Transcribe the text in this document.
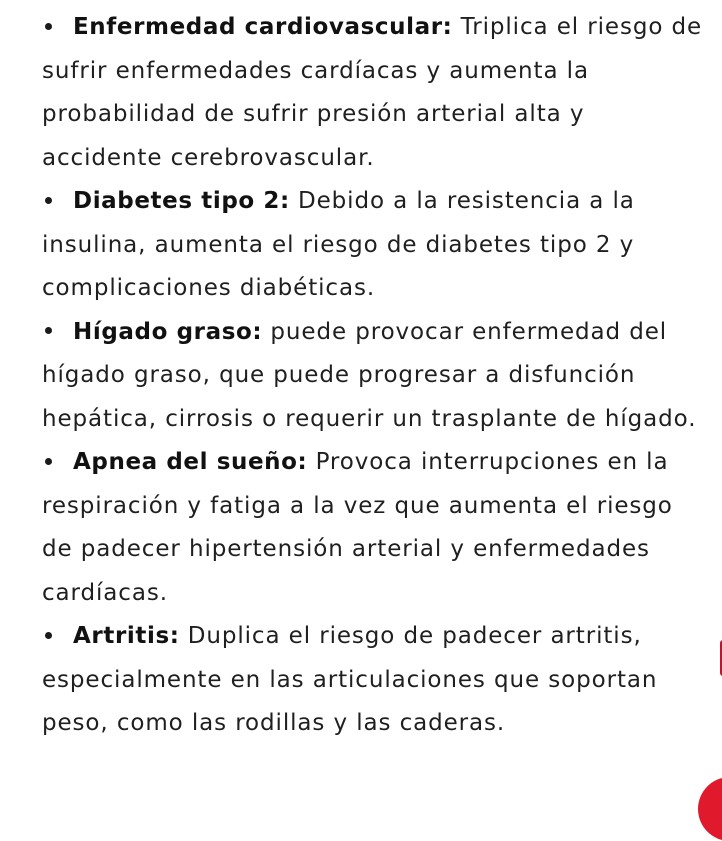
Enfermedad cardiovascular: Triplica el riesgo de sufrir enfermedades cardíacas y aumenta la probabilidad de sufrir presión arterial alta y accidente cerebrovascular.
Diabetes tipo 2: Debido a la resistencia a la insulina, aumenta el riesgo de diabetes tipo 2 y complicaciones diabéticas.
Hígado graso: puede provocar enfermedad del hígado graso, que puede progresar a disfunción hepática, cirrosis o requerir un trasplante de hígado.
Apnea del sueño: Provoca interrupciones en la respiración y fatiga a la vez que aumenta el riesgo de padecer hipertensión arterial y enfermedades cardíacas.
Artritis: Duplica el riesgo de padecer artritis, especialmente en las articulaciones que soportan peso, como las rodillas y las caderas.
